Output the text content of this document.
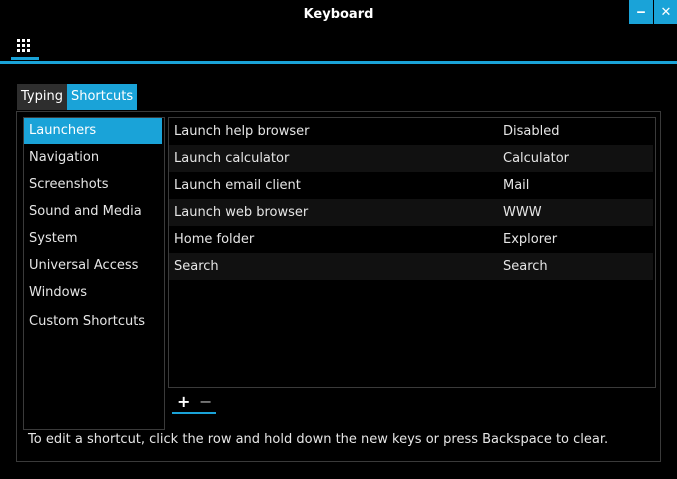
Keyboard	‒	✕
Typing Shortcuts
Launchers
Navigation
Screenshots
Sound and Media
System
Universal Access
Windows
Custom Shortcuts
Launch help browser	Disabled
Launch calculator	Calculator
Launch email client	Mail
Launch web browser	WWW
Home folder	Explorer
Search	Search
+ −
To edit a shortcut, click the row and hold down the new keys or press Backspace to clear.
